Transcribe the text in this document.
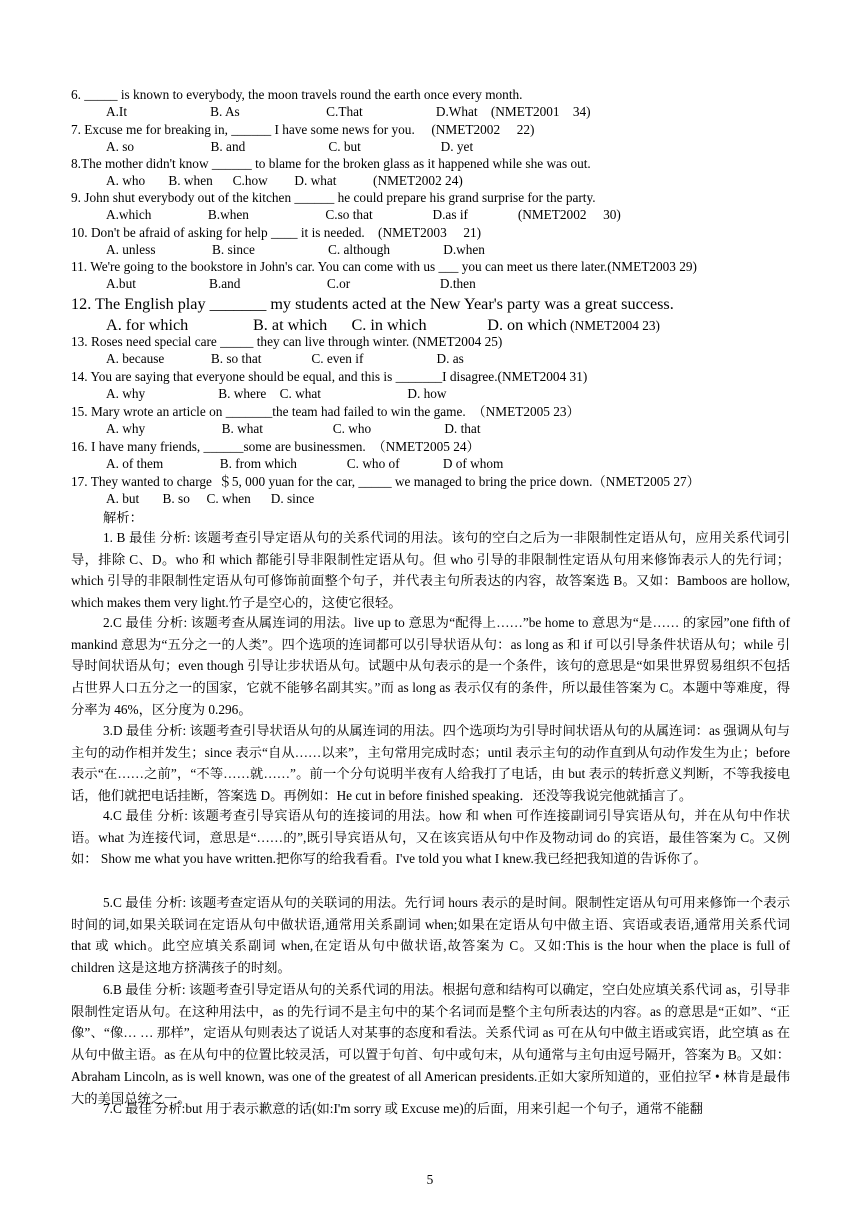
6. _____ is known to everybody, the moon travels round the earth once every month.
A.It                         B. As                          C.That                      D.What    (NMET2001    34)
7. Excuse me for breaking in, ______ I have some news for you.     (NMET2002     22)
A. so                       B. and                         C. but                        D. yet
8.The mother didn't know ______ to blame for the broken glass as it happened while she was out.
A. who       B. when      C.how        D. what           (NMET2002 24)
9. John shut everybody out of the kitchen ______ he could prepare his grand surprise for the party.
A.which                 B.when                       C.so that                  D.as if               (NMET2002     30)
10. Don't be afraid of asking for help ____ it is needed.    (NMET2003     21)
A. unless                 B. since                      C. although                D.when
11. We're going to the bookstore in John's car. You can come with us ___ you can meet us there later.(NMET2003 29)
A.but                      B.and                          C.or                           D.then
12. The English play _______ my students acted at the New Year's party was a great success.
A. for which                B. at which      C. in which               D. on which (NMET2004 23)
13. Roses need special care _____ they can live through winter. (NMET2004 25)
A. because              B. so that               C. even if                      D. as
14. You are saying that everyone should be equal, and this is _______I disagree.(NMET2004 31)
A. why                      B. where    C. what                          D. how
15. Mary wrote an article on _______the team had failed to win the game.  （NMET2005 23）
A. why                       B. what                     C. who                      D. that
16. I have many friends, ______some are businessmen.  （NMET2005 24）
A. of them                 B. from which               C. who of             D of whom
17. They wanted to charge  ＄5, 000 yuan for the car, _____ we managed to bring the price down.（NMET2005 27）
A. but       B. so     C. when      D. since
解析：
1. B 最佳 分析: 该题考查引导定语从句的关系代词的用法。该句的空白之后为一非限制性定语从句，应用关系代词引导，排除 C、D。who 和 which 都能引导非限制性定语从句。但 who 引导的非限制性定语从句用来修饰表示人的先行词；which 引导的非限制性定语从句可修饰前面整个句子，并代表主句所表达的内容，故答案选 B。又如：Bamboos are hollow, which makes them very light.竹子是空心的，这使它很轻。
2.C 最佳 分析: 该题考查从属连词的用法。live up to 意思为“配得上……”be home to 意思为“是…… 的家园”one fifth of mankind 意思为“五分之一的人类”。四个选项的连词都可以引导状语从句：as long as 和 if 可以引导条件状语从句；while 引导时间状语从句；even though 引导让步状语从句。试题中从句表示的是一个条件，该句的意思是“如果世界贸易组织不包括占世界人口五分之一的国家，它就不能够名副其实。”而 as long as 表示仅有的条件，所以最佳答案为 C。本题中等难度，得分率为 46%，区分度为 0.296。
3.D 最佳 分析: 该题考查引导状语从句的从属连词的用法。四个选项均为引导时间状语从句的从属连词：as 强调从句与主句的动作相并发生；since 表示“自从……以来”，主句常用完成时态；until 表示主句的动作直到从句动作发生为止；before 表示“在……之前”，“不等……就……”。前一个分句说明半夜有人给我打了电话，由 but 表示的转折意义判断，不等我接电话，他们就把电话挂断，答案选 D。再例如：He cut in before finished speaking．还没等我说完他就插言了。
4.C 最佳 分析: 该题考查引导宾语从句的连接词的用法。how 和 when 可作连接副词引导宾语从句，并在从句中作状语。what 为连接代词，意思是“……的”,既引导宾语从句，又在该宾语从句中作及物动词 do 的宾语，最佳答案为 C。又例如： Show me what you have written.把你写的给我看看。I've told you what I knew.我已经把我知道的告诉你了。
5.C 最佳 分析: 该题考查定语从句的关联词的用法。先行词 hours 表示的是时间。限制性定语从句可用来修饰一个表示时间的词,如果关联词在定语从句中做状语,通常用关系副词 when;如果在定语从句中做主语、宾语或表语,通常用关系代词 that 或 which。此空应填关系副词 when,在定语从句中做状语,故答案为 C。又如:This is the hour when the place is full of children 这是这地方挤满孩子的时刻。
6.B 最佳 分析: 该题考查引导定语从句的关系代词的用法。根据句意和结构可以确定，空白处应填关系代词 as，引导非限制性定语从句。在这种用法中，as 的先行词不是主句中的某个名词而是整个主句所表达的内容。as 的意思是“正如”、“正像”、“像… … 那样”，定语从句则表达了说话人对某事的态度和看法。关系代词 as 可在从句中做主语或宾语，此空填 as 在从句中做主语。as 在从句中的位置比较灵活，可以置于句首、句中或句末，从句通常与主句由逗号隔开，答案为 B。又如：Abraham Lincoln, as is well known, was one of the greatest of all American presidents.正如大家所知道的，亚伯拉罕 • 林肯是最伟大的美国总统之一。
7.C 最佳 分析:but 用于表示歉意的话(如:I'm sorry 或 Excuse me)的后面，用来引起一个句子，通常不能翻
5
